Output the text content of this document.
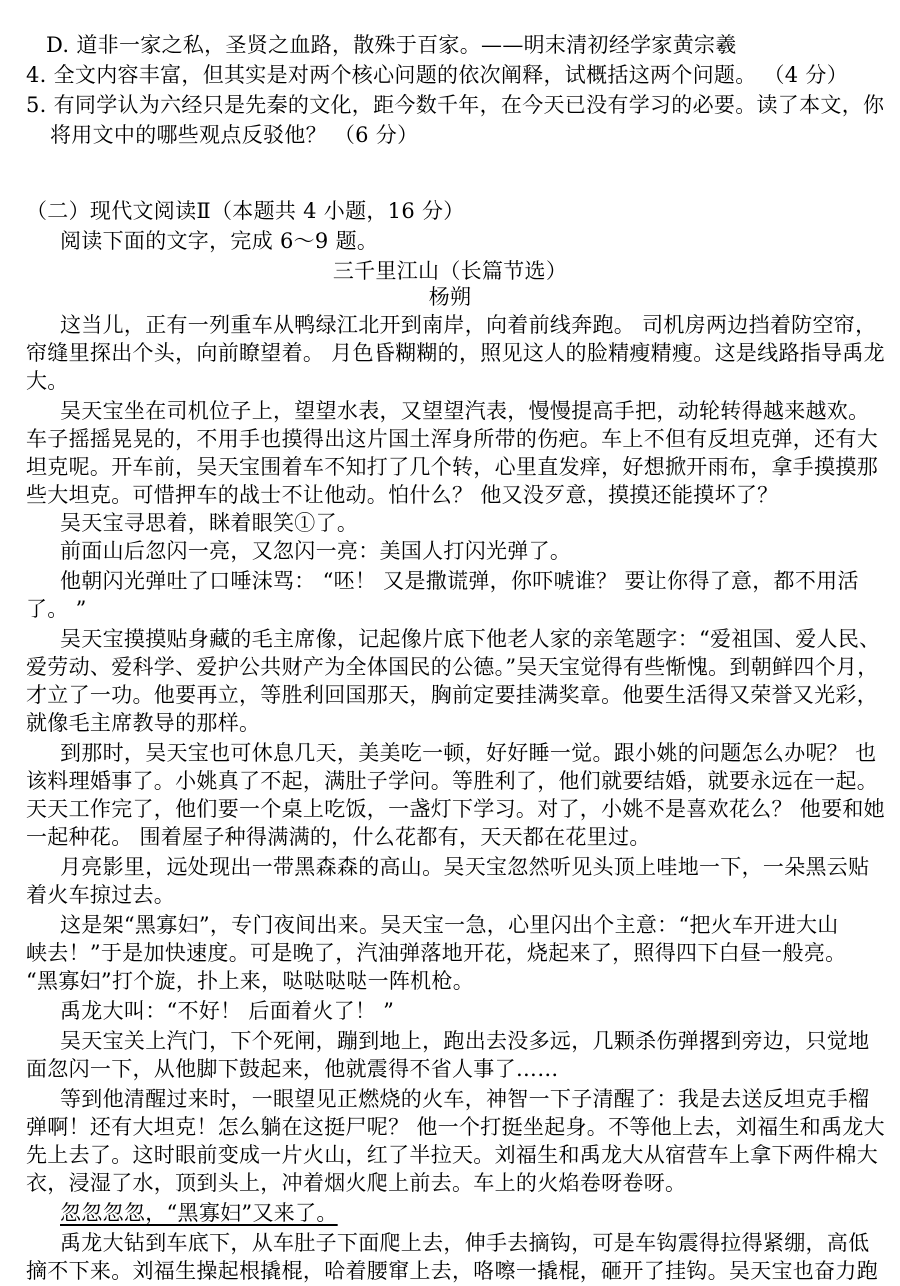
D. 道非一家之私，圣贤之血路，散殊于百家。——明末清初经学家黄宗羲
4. 全文内容丰富，但其实是对两个核心问题的依次阐释，试概括这两个问题。 （4 分）
5. 有同学认为六经只是先秦的文化，距今数千年，在今天已没有学习的必要。读了本文，你
将用文中的哪些观点反驳他？ （6 分）
（二）现代文阅读Ⅱ（本题共 4 小题，16 分）
阅读下面的文字，完成 6～9 题。
三千里江山（长篇节选）
杨朔
这当儿，正有一列重车从鸭绿江北开到南岸，向着前线奔跑。 司机房两边挡着防空帘，
帘缝里探出个头，向前瞭望着。 月色昏糊糊的，照见这人的脸精瘦精瘦。这是线路指导禹龙
大。
吴天宝坐在司机位子上，望望水表，又望望汽表，慢慢提高手把，动轮转得越来越欢。
车子摇摇晃晃的，不用手也摸得出这片国土浑身所带的伤疤。车上不但有反坦克弹，还有大
坦克呢。开车前，吴天宝围着车不知打了几个转，心里直发痒，好想掀开雨布，拿手摸摸那
些大坦克。可惜押车的战士不让他动。怕什么？ 他又没歹意，摸摸还能摸坏了？
吴天宝寻思着，眯着眼笑①了。
前面山后忽闪一亮，又忽闪一亮：美国人打闪光弹了。
他朝闪光弹吐了口唾沫骂： “呸！ 又是撒谎弹，你吓唬谁？ 要让你得了意，都不用活
了。 ”
吴天宝摸摸贴身藏的毛主席像，记起像片底下他老人家的亲笔题字：“爱祖国、爱人民、
爱劳动、爱科学、爱护公共财产为全体国民的公德。”吴天宝觉得有些惭愧。到朝鲜四个月，
才立了一功。他要再立，等胜利回国那天，胸前定要挂满奖章。他要生活得又荣誉又光彩，
就像毛主席教导的那样。
到那时，吴天宝也可休息几天，美美吃一顿，好好睡一觉。跟小姚的问题怎么办呢？ 也
该料理婚事了。小姚真了不起，满肚子学问。等胜利了，他们就要结婚，就要永远在一起。
天天工作完了，他们要一个桌上吃饭，一盏灯下学习。对了，小姚不是喜欢花么？ 他要和她
一起种花。 围着屋子种得满满的，什么花都有，天天都在花里过。
月亮影里，远处现出一带黑森森的高山。吴天宝忽然听见头顶上哇地一下，一朵黑云贴
着火车掠过去。
这是架“黑寡妇”，专门夜间出来。吴天宝一急，心里闪出个主意：“把火车开进大山
峡去！”于是加快速度。可是晚了，汽油弹落地开花，烧起来了，照得四下白昼一般亮。
“黑寡妇”打个旋，扑上来，哒哒哒哒一阵机枪。
禹龙大叫：“不好！ 后面着火了！ ”
吴天宝关上汽门，下个死闸，蹦到地上，跑出去没多远，几颗杀伤弹撂到旁边，只觉地
面忽闪一下，从他脚下鼓起来，他就震得不省人事了……
等到他清醒过来时，一眼望见正燃烧的火车，神智一下子清醒了：我是去送反坦克手榴
弹啊！还有大坦克！怎么躺在这挺尸呢？ 他一个打挺坐起身。不等他上去，刘福生和禹龙大
先上去了。这时眼前变成一片火山，红了半拉天。刘福生和禹龙大从宿营车上拿下两件棉大
衣，浸湿了水，顶到头上，冲着烟火爬上前去。车上的火焰卷呀卷呀。
忽忽忽忽，“黑寡妇”又来了。
禹龙大钻到车底下，从车肚子下面爬上去，伸手去摘钩，可是车钩震得拉得紧绷，高低
摘不下来。刘福生操起根撬棍，哈着腰窜上去，咯嚓一撬棍，砸开了挂钩。吴天宝也奋力跑
